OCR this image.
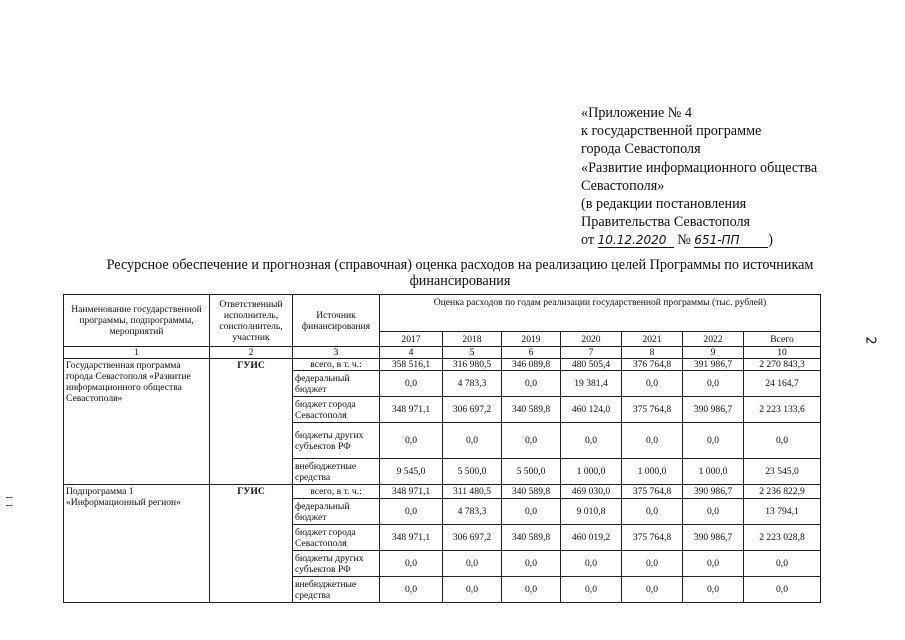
«Приложение № 4
к государственной программе
города Севастополя
«Развитие информационного общества
Севастополя»
(в редакции постановления
Правительства Севастополя
от 10.12.2020 № 651-ПП )
Ресурсное обеспечение и прогнозная (справочная) оценка расходов на реализацию целей Программы по источникам
финансирования
2
Наименование государственной программы, подпрограммы, мероприятий	Ответственный исполнитель, соисполнитель, участник	Источник финансирования	Оценка расходов по годам реализации государственной программы (тыс. рублей)						
			2017	2018	2019	2020	2021	2022	Всего
1	2	3	4	5	6	7	8	9	10
Государственная программа города Севастополя «Развитие информационного общества Севастополя»	ГУИС	всего, в т. ч.:	358 516,1	316 980,5	346 089,8	480 505,4	376 764,8	391 986,7	2 270 843,3
		федеральный бюджет	0,0	4 783,3	0,0	19 381,4	0,0	0,0	24 164,7
		бюджет города Севастополя	348 971,1	306 697,2	340 589,8	460 124,0	375 764,8	390 986,7	2 223 133,6
		бюджеты других субъектов РФ	0,0	0,0	0,0	0,0	0,0	0,0	0,0
		внебюджетные средства	9 545,0	5 500,0	5 500,0	1 000,0	1 000,0	1 000,0	23 545,0
Подпрограмма 1 «Информационный регион»	ГУИС	всего, в т. ч.:	348 971,1	311 480,5	340 589,8	469 030,0	375 764,8	390 986,7	2 236 822,9
		федеральный бюджет	0,0	4 783,3	0,0	9 010,8	0,0	0,0	13 794,1
		бюджет города Севастополя	348 971,1	306 697,2	340 589,8	460 019,2	375 764,8	390 986,7	2 223 028,8
		бюджеты других субъектов РФ	0,0	0,0	0,0	0,0	0,0	0,0	0,0
		внебюджетные средства	0,0	0,0	0,0	0,0	0,0	0,0	0,0
